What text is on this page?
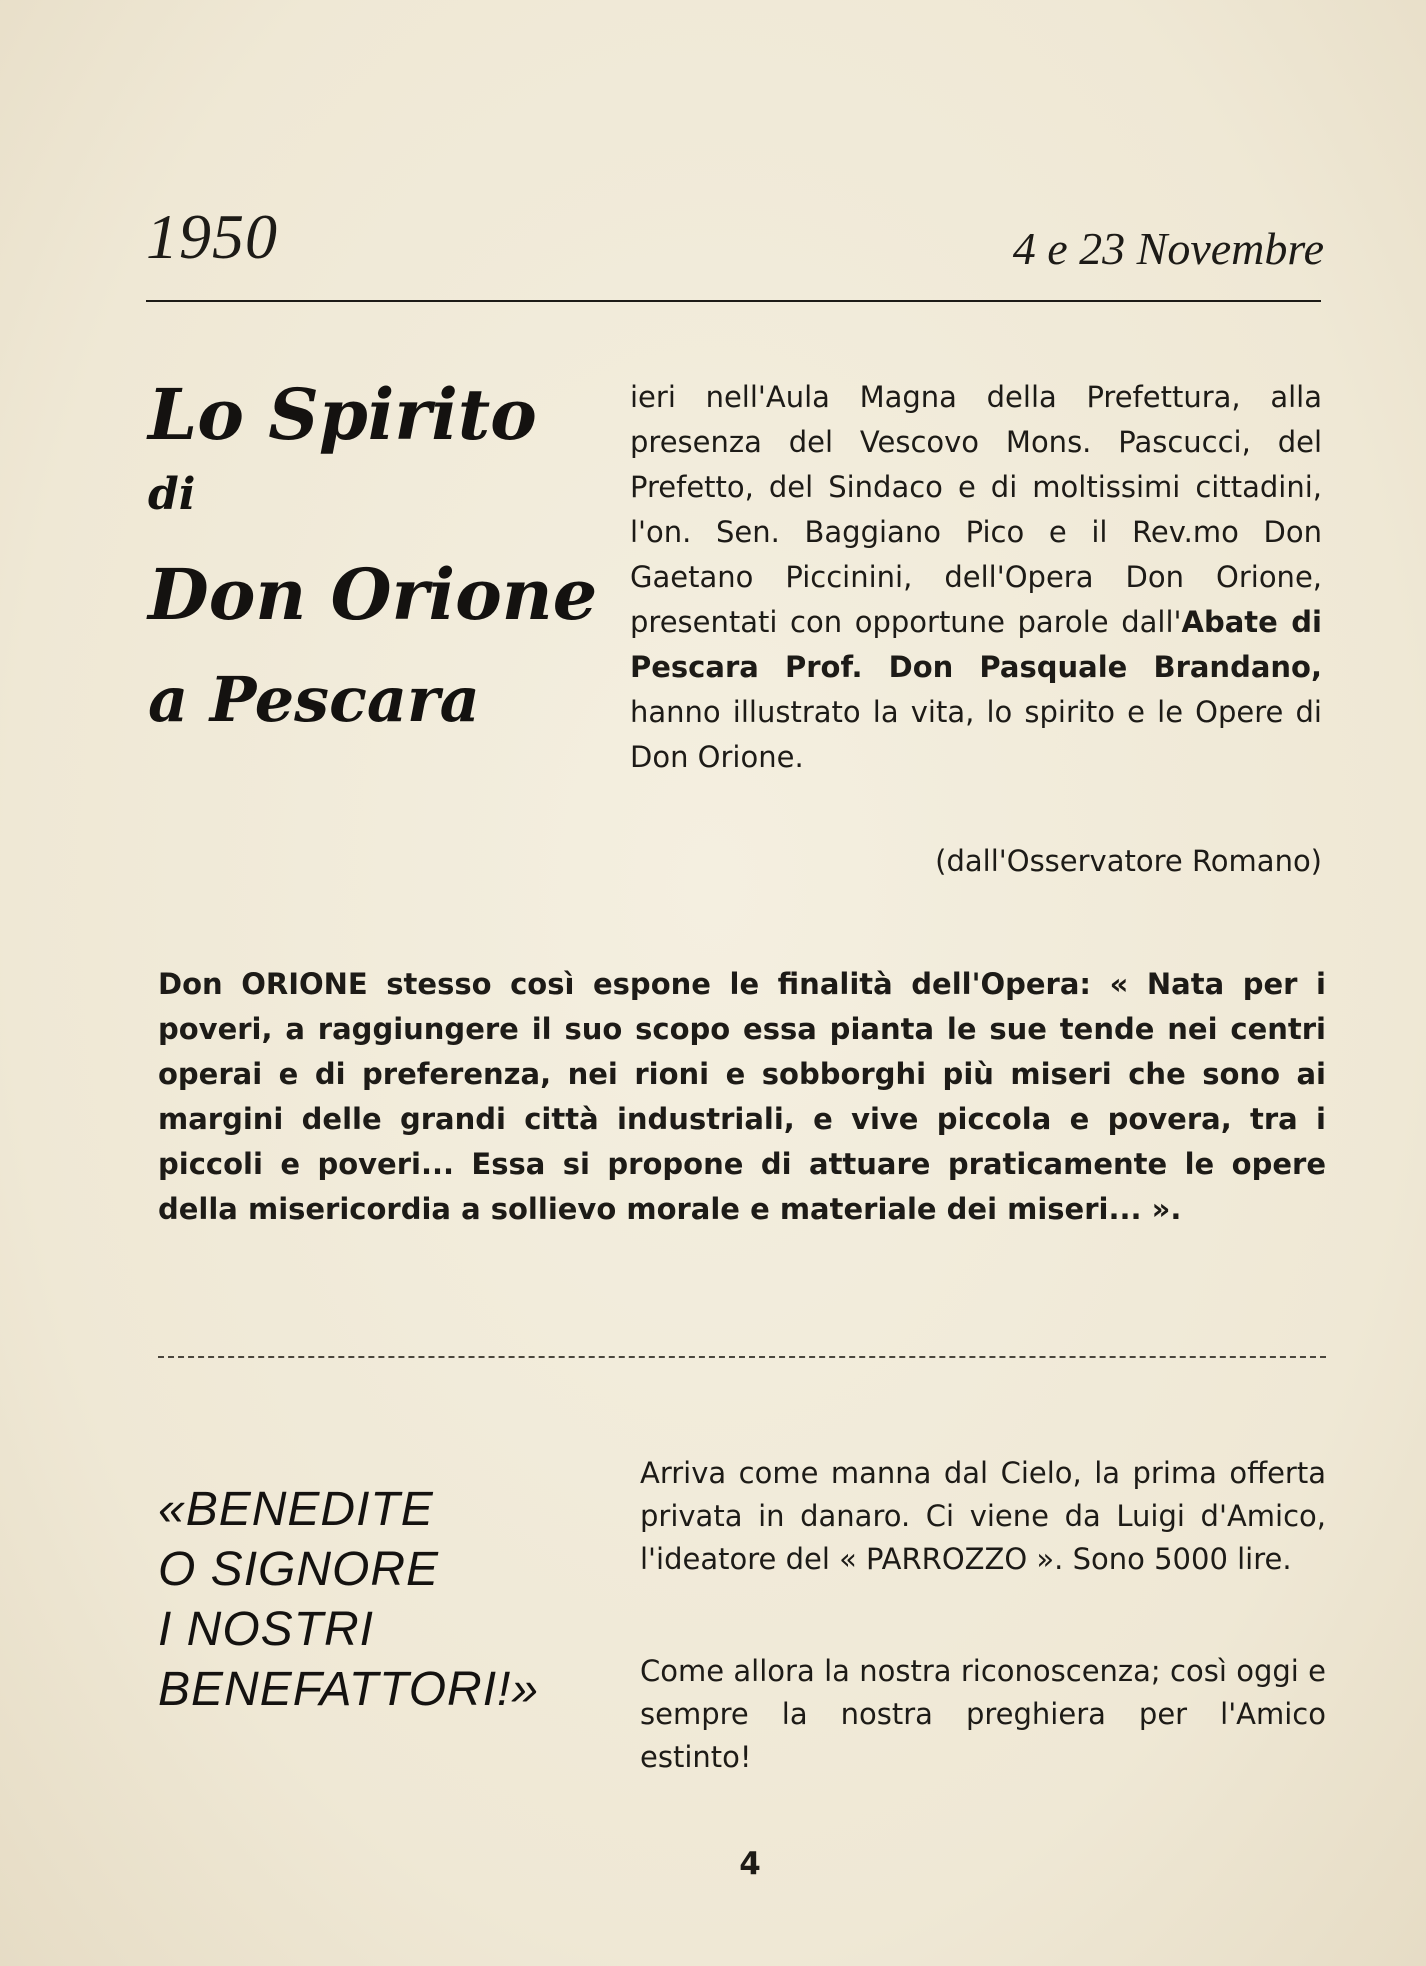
1950	4 e 23 Novembre
Lo Spirito
di
Don Orione
a Pescara
ieri nell'Aula Magna della Prefettura, alla presenza del Vescovo Mons. Pascucci, del Prefetto, del Sindaco e di moltissimi cittadini, l'on. Sen. Baggiano Pico e il Rev.mo Don Gaetano Piccinini, dell'Opera Don Orione, presentati con opportune parole dall'Abate di Pescara Prof. Don Pasquale Brandano, hanno illustrato la vita, lo spirito e le Opere di Don Orione.
(dall'Osservatore Romano)
Don ORIONE stesso così espone le finalità dell'Opera: « Nata per i poveri, a raggiungere il suo scopo essa pianta le sue tende nei centri operai e di preferenza, nei rioni e sobborghi più miseri che sono ai margini delle grandi città industriali, e vive piccola e povera, tra i piccoli e poveri... Essa si propone di attuare praticamente le opere della misericordia a sollievo morale e materiale dei miseri... ».
«BENEDITE
O SIGNORE
I NOSTRI
BENEFATTORI!»
Arriva come manna dal Cielo, la prima offerta privata in danaro. Ci viene da Luigi d'Amico, l'ideatore del « PARROZZO ». Sono 5000 lire.
Come allora la nostra riconoscenza; così oggi e sempre la nostra preghiera per l'Amico estinto!
4
